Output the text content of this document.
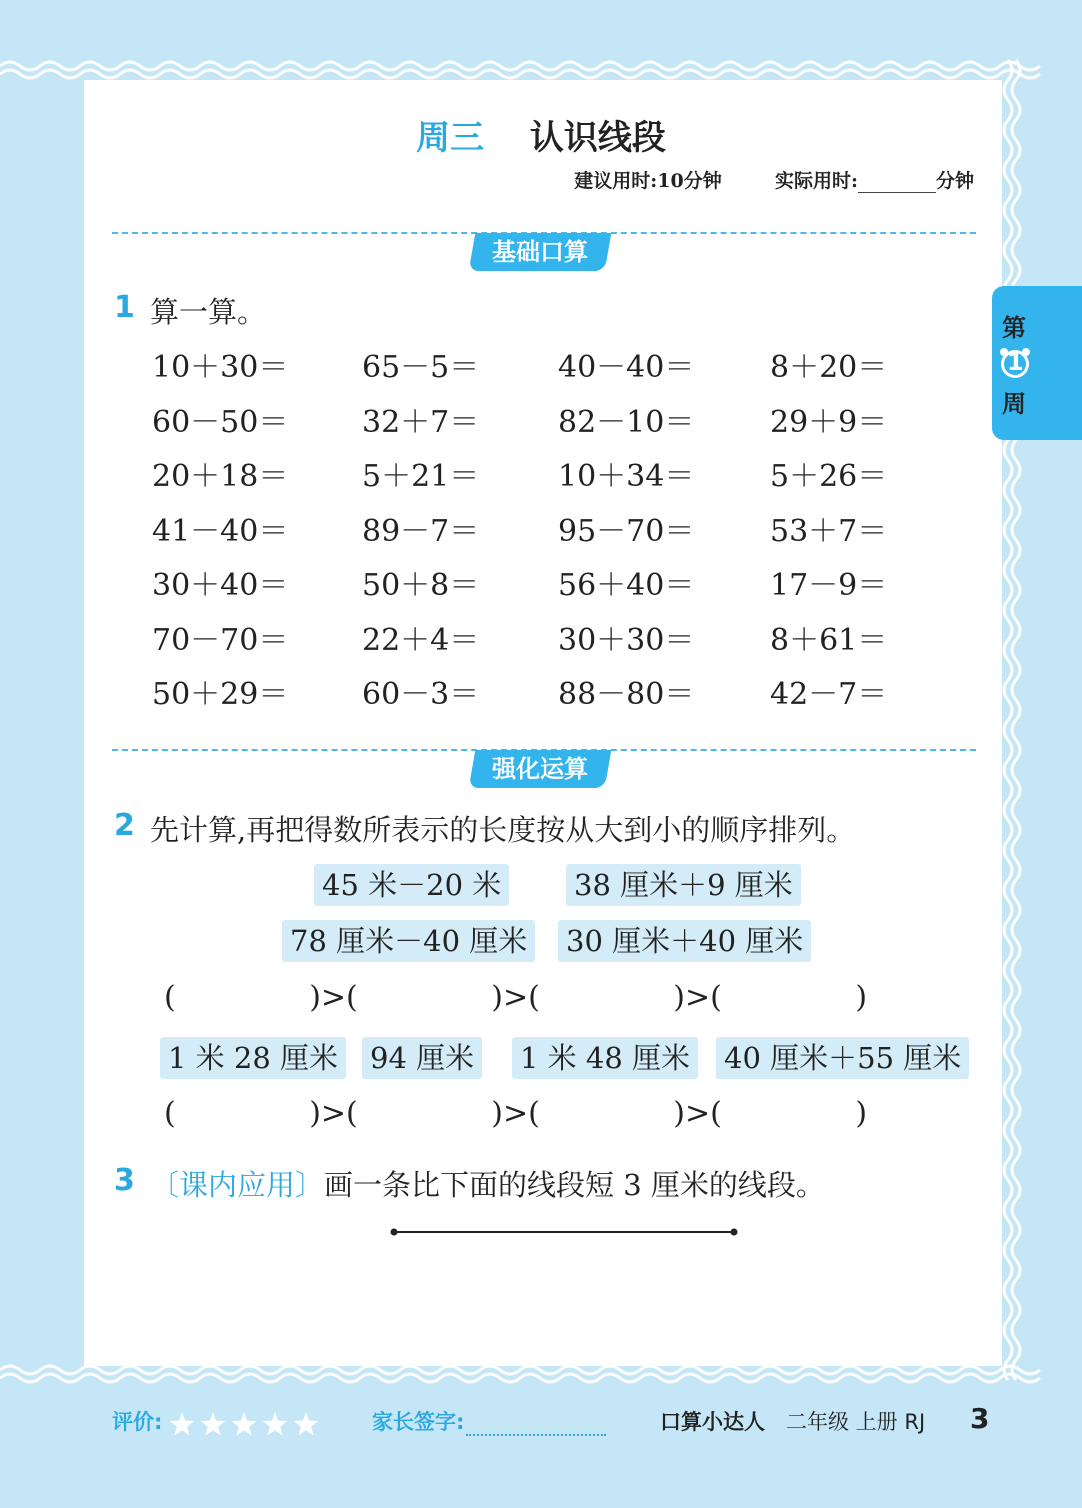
周三 认识线段
建议用时:10分钟	实际用时:	分钟
第
1
周
基础口算
1 算一算。
10＋30＝ 65－5＝	40－40＝	8＋20＝
60－50＝ 32＋7＝	82－10＝	29＋9＝
20＋18＝ 5＋21＝	10＋34＝	5＋26＝
41－40＝ 89－7＝	95－70＝	53＋7＝
30＋40＝ 50＋8＝	56＋40＝	17－9＝
70－70＝ 22＋4＝	30＋30＝	8＋61＝
50＋29＝ 60－3＝	88－80＝	42－7＝
强化运算
2 先计算,再把得数所表示的长度按从大到小的顺序排列。
45 米－20 米	38 厘米＋9 厘米
78 厘米－40 厘米 30 厘米＋40 厘米
(              )>(              )>(              )>(              )
1 米 28 厘米 94 厘米 1 米 48 厘米 40 厘米＋55 厘米
(              )>(              )>(              )>(              )
3 〔课内应用〕画一条比下面的线段短 3 厘米的线段。
评价:	家长签字:	口算小达人 二年级 上册 RJ 3
